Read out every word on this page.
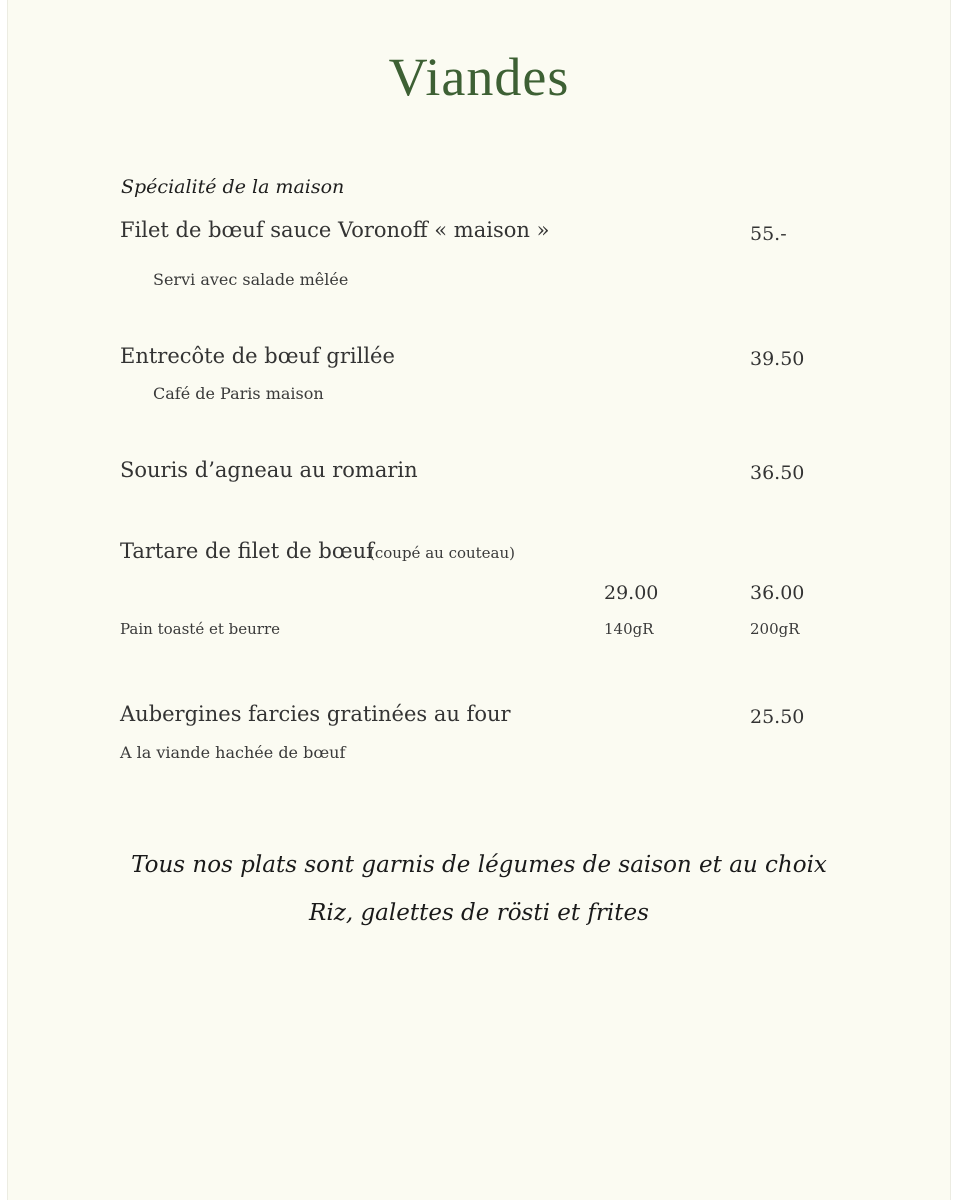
Viandes
Spécialité de la maison
Filet de bœuf sauce Voronoff « maison »	55.-
Servi avec salade mêlée
Entrecôte de bœuf grillée	39.50
Café de Paris maison
Souris d’agneau au romarin	36.50
Tartare de filet de bœuf
(coupé au couteau)
29.00	36.00
Pain toasté et beurre	140gR	200gR
Aubergines farcies gratinées au four	25.50
A la viande hachée de bœuf
Tous nos plats sont garnis de légumes de saison et au choix
Riz, galettes de rösti et frites
